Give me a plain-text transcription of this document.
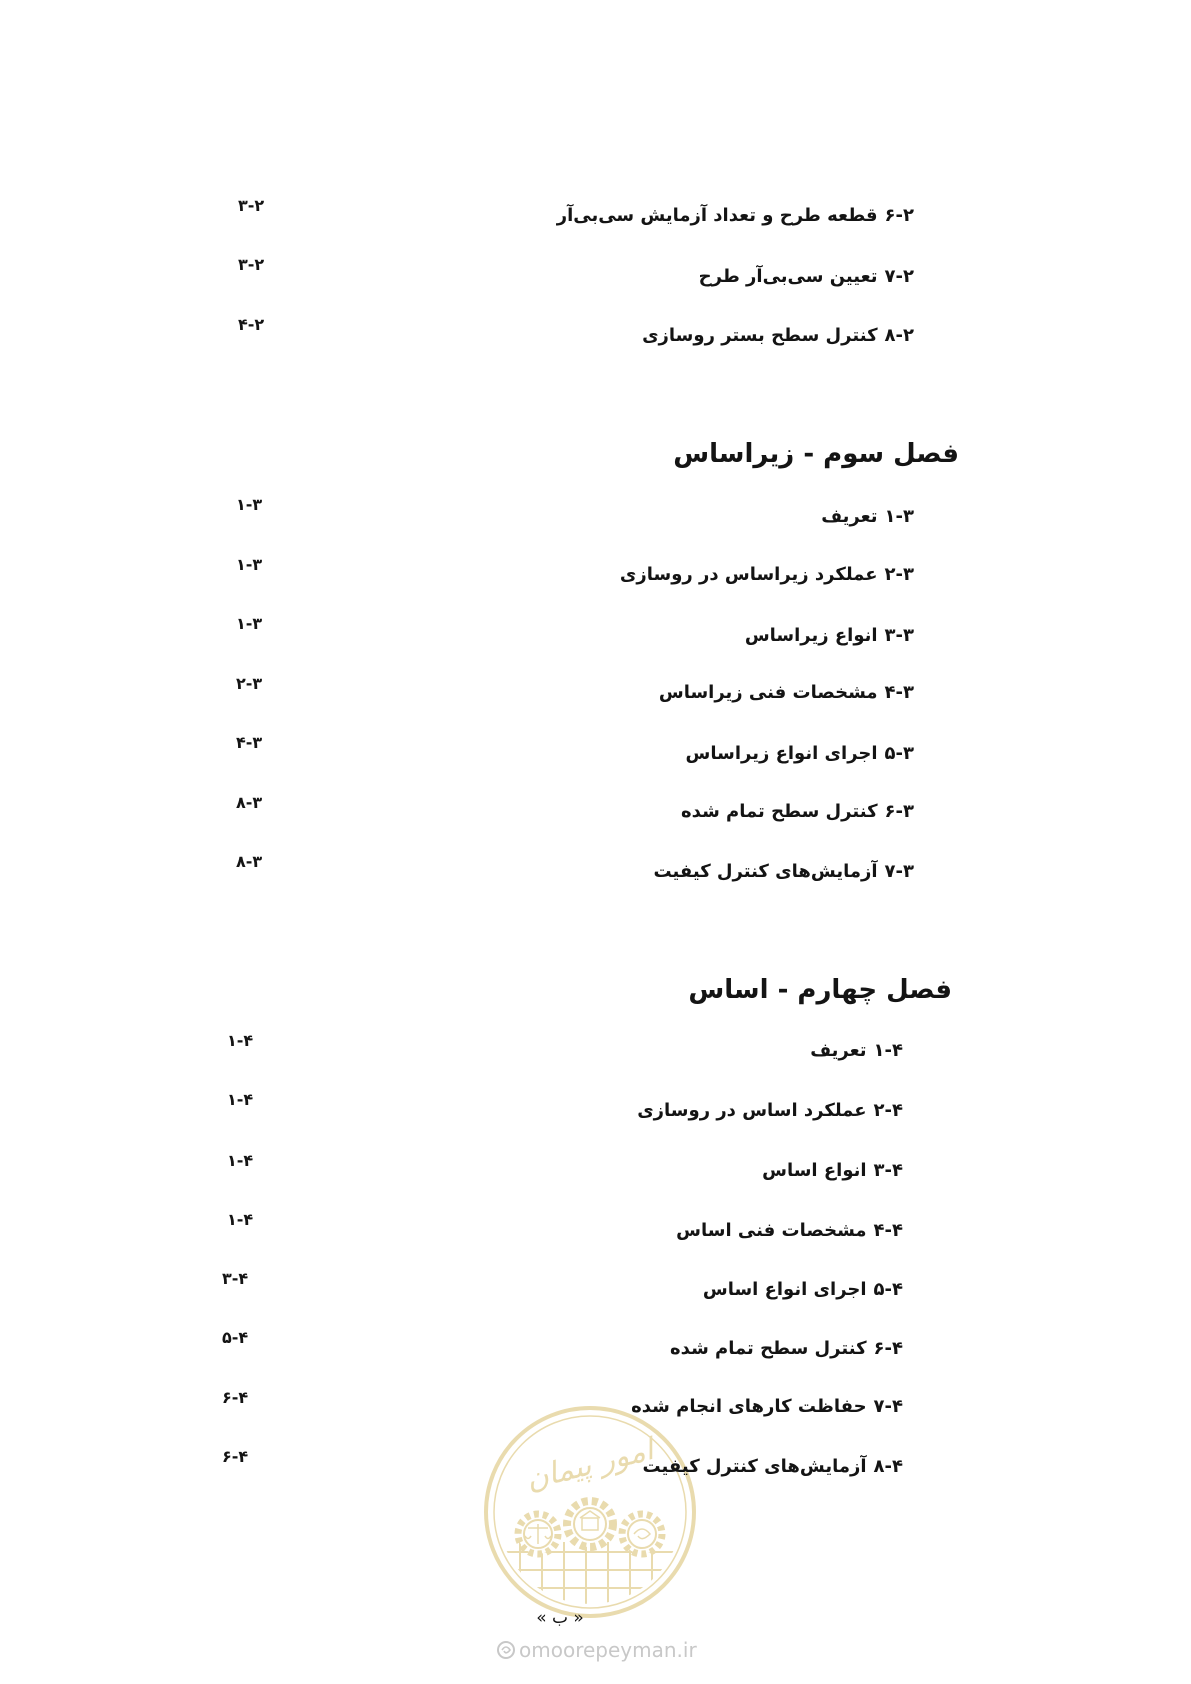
امور پیمان
omoorepeyman.ir
۲-۶
قطعه طرح و تعداد آزمایش سی‌بی‌آر
۳-۲
۲-۷
تعیین سی‌بی‌آر طرح
۳-۲
۲-۸
کنترل سطح بستر روسازی
۴-۲
فصل سوم - زیراساس
۳-۱
تعریف
۱-۳
۳-۲
عملکرد زیراساس در روسازی
۱-۳
۳-۳
انواع زیراساس
۱-۳
۳-۴
مشخصات فنی زیراساس
۲-۳
۳-۵
اجرای انواع زیراساس
۴-۳
۳-۶
کنترل سطح تمام شده
۸-۳
۳-۷
آزمایش‌های کنترل کیفیت
۸-۳
فصل چهارم - اساس
۴-۱
تعریف
۱-۴
۴-۲
عملکرد اساس در روسازی
۱-۴
۴-۳
انواع اساس
۱-۴
۴-۴
مشخصات فنی اساس
۱-۴
۴-۵
اجرای انواع اساس
۳-۴
۴-۶
کنترل سطح تمام شده
۵-۴
۴-۷
حفاظت کارهای انجام شده
۶-۴
۴-۸
آزمایش‌های کنترل کیفیت
۶-۴
« ب »
